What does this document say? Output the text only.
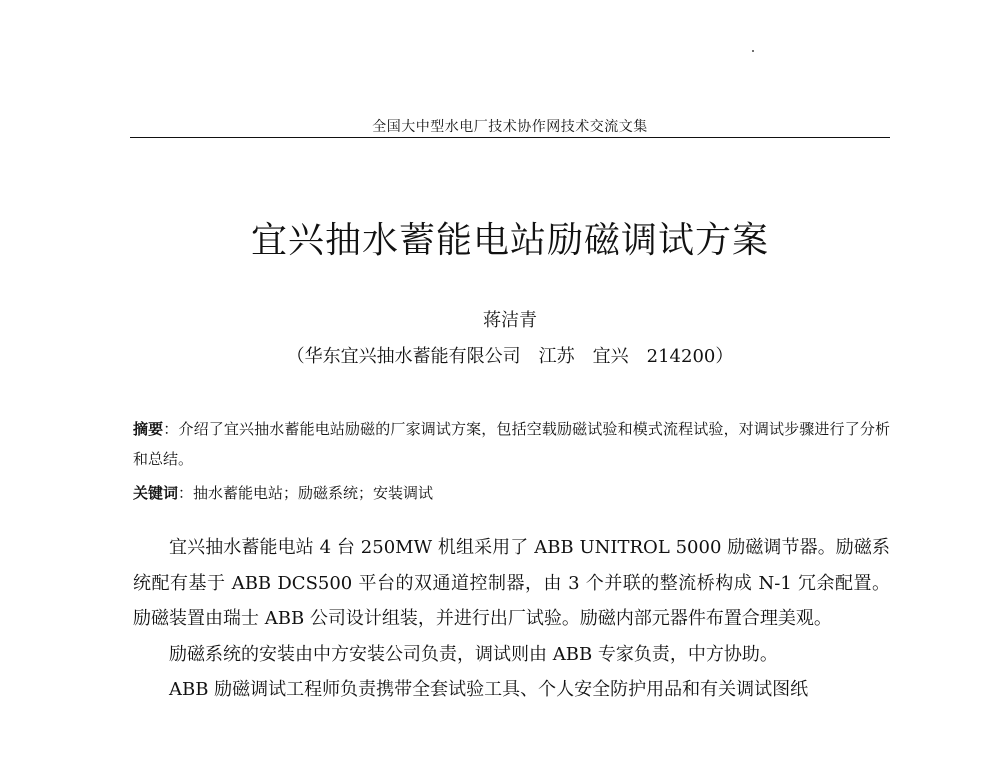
全国大中型水电厂技术协作网技术交流文集
宜兴抽水蓄能电站励磁调试方案
蒋洁青
（华东宜兴抽水蓄能有限公司　江苏　宜兴　214200）
摘要：介绍了宜兴抽水蓄能电站励磁的厂家调试方案，包括空载励磁试验和模式流程试验，对调试步骤进行了分析和总结。
关键词：抽水蓄能电站；励磁系统；安装调试

宜兴抽水蓄能电站 4 台 250MW 机组采用了 ABB UNITROL 5000 励磁调节器。励磁系统配有基于 ABB DCS500 平台的双通道控制器，由 3 个并联的整流桥构成 N-1 冗余配置。励磁装置由瑞士 ABB 公司设计组装，并进行出厂试验。励磁内部元器件布置合理美观。

励磁系统的安装由中方安装公司负责，调试则由 ABB 专家负责，中方协助。

ABB 励磁调试工程师负责携带全套试验工具、个人安全防护用品和有关调试图纸
